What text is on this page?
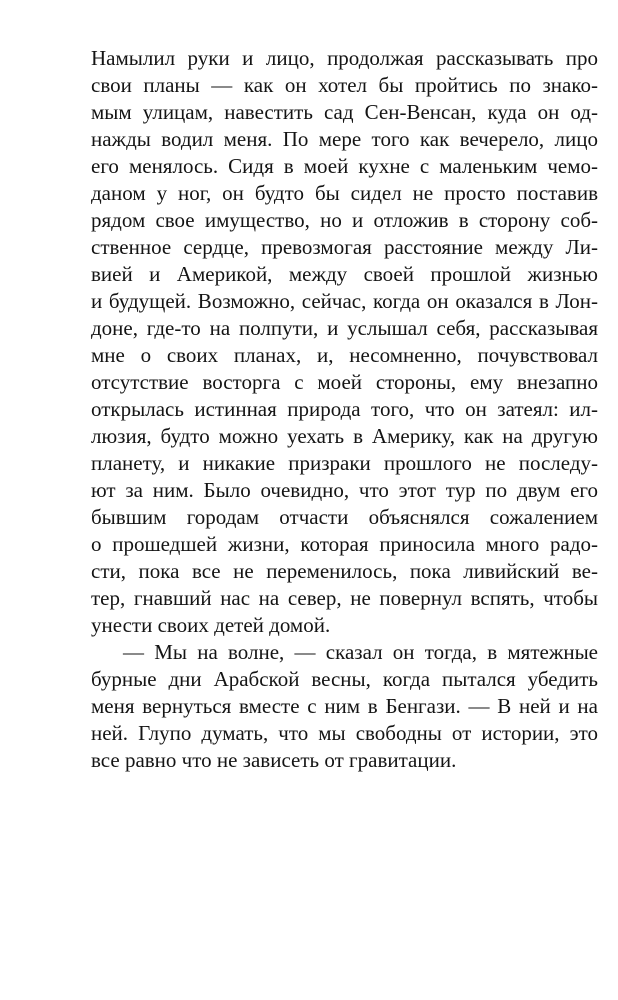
Намылил руки и лицо, продолжая рассказывать про
свои планы — как он хотел бы пройтись по знако-
мым улицам, навестить сад Сен-Венсан, куда он од-
нажды водил меня. По мере того как вечерело, лицо
его менялось. Сидя в моей кухне с маленьким чемо-
даном у ног, он будто бы сидел не просто поставив
рядом свое имущество, но и отложив в сторону соб-
ственное сердце, превозмогая расстояние между Ли-
вией и Америкой, между своей прошлой жизнью
и будущей. Возможно, сейчас, когда он оказался в Лон-
доне, где-то на полпути, и услышал себя, рассказывая
мне о своих планах, и, несомненно, почувствовал
отсутствие восторга с моей стороны, ему внезапно
открылась истинная природа того, что он затеял: ил-
люзия, будто можно уехать в Америку, как на другую
планету, и никакие призраки прошлого не последу-
ют за ним. Было очевидно, что этот тур по двум его
бывшим городам отчасти объяснялся сожалением
о прошедшей жизни, которая приносила много радо-
сти, пока все не переменилось, пока ливийский ве-
тер, гнавший нас на север, не повернул вспять, чтобы
унести своих детей домой.

— Мы на волне, — сказал он тогда, в мятежные
бурные дни Арабской весны, когда пытался убедить
меня вернуться вместе с ним в Бенгази. — В ней и на
ней. Глупо думать, что мы свободны от истории, это
все равно что не зависеть от гравитации.
